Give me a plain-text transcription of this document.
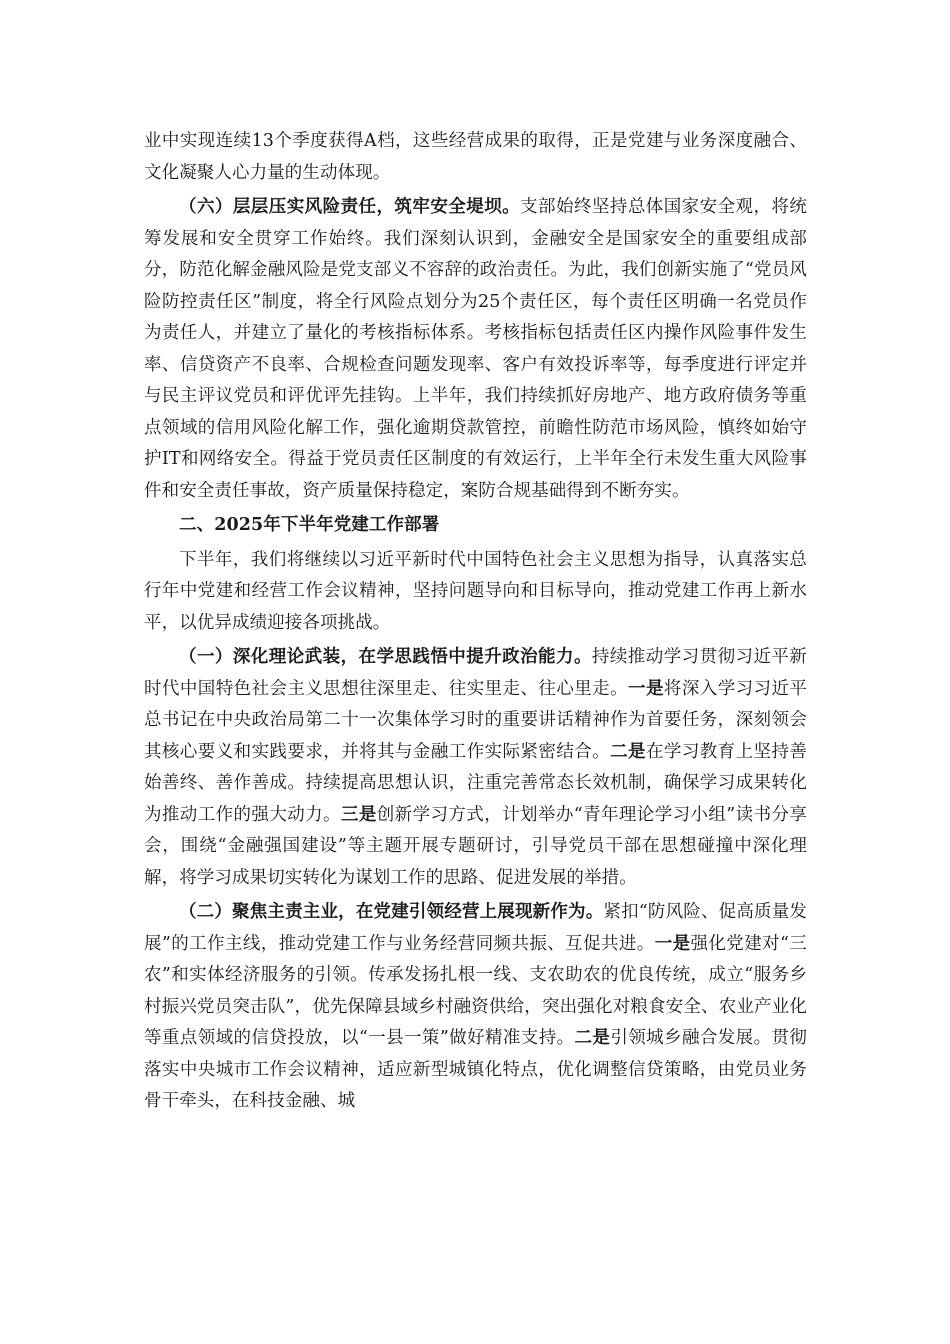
业中实现连续13个季度获得A档，这些经营成果的取得，正是党建与业务深度融合、文化凝聚人心力量的生动体现。

（六）层层压实风险责任，筑牢安全堤坝。支部始终坚持总体国家安全观，将统筹发展和安全贯穿工作始终。我们深刻认识到，金融安全是国家安全的重要组成部分，防范化解金融风险是党支部义不容辞的政治责任。为此，我们创新实施了“党员风险防控责任区”制度，将全行风险点划分为25个责任区，每个责任区明确一名党员作为责任人，并建立了量化的考核指标体系。考核指标包括责任区内操作风险事件发生率、信贷资产不良率、合规检查问题发现率、客户有效投诉率等，每季度进行评定并与民主评议党员和评优评先挂钩。上半年，我们持续抓好房地产、地方政府债务等重点领域的信用风险化解工作，强化逾期贷款管控，前瞻性防范市场风险，慎终如始守护IT和网络安全。得益于党员责任区制度的有效运行，上半年全行未发生重大风险事件和安全责任事故，资产质量保持稳定，案防合规基础得到不断夯实。

二、2025年下半年党建工作部署

下半年，我们将继续以习近平新时代中国特色社会主义思想为指导，认真落实总行年中党建和经营工作会议精神，坚持问题导向和目标导向，推动党建工作再上新水平，以优异成绩迎接各项挑战。

（一）深化理论武装，在学思践悟中提升政治能力。持续推动学习贯彻习近平新时代中国特色社会主义思想往深里走、往实里走、往心里走。一是将深入学习习近平总书记在中央政治局第二十一次集体学习时的重要讲话精神作为首要任务，深刻领会其核心要义和实践要求，并将其与金融工作实际紧密结合。二是在学习教育上坚持善始善终、善作善成。持续提高思想认识，注重完善常态长效机制，确保学习成果转化为推动工作的强大动力。三是创新学习方式，计划举办“青年理论学习小组”读书分享会，围绕“金融强国建设”等主题开展专题研讨，引导党员干部在思想碰撞中深化理解，将学习成果切实转化为谋划工作的思路、促进发展的举措。

（二）聚焦主责主业，在党建引领经营上展现新作为。紧扣“防风险、促高质量发展”的工作主线，推动党建工作与业务经营同频共振、互促共进。一是强化党建对“三农”和实体经济服务的引领。传承发扬扎根一线、支农助农的优良传统，成立“服务乡村振兴党员突击队”，优先保障县域乡村融资供给，突出强化对粮食安全、农业产业化等重点领域的信贷投放，以“一县一策”做好精准支持。二是引领城乡融合发展。贯彻落实中央城市工作会议精神，适应新型城镇化特点，优化调整信贷策略，由党员业务骨干牵头，在科技金融、城
